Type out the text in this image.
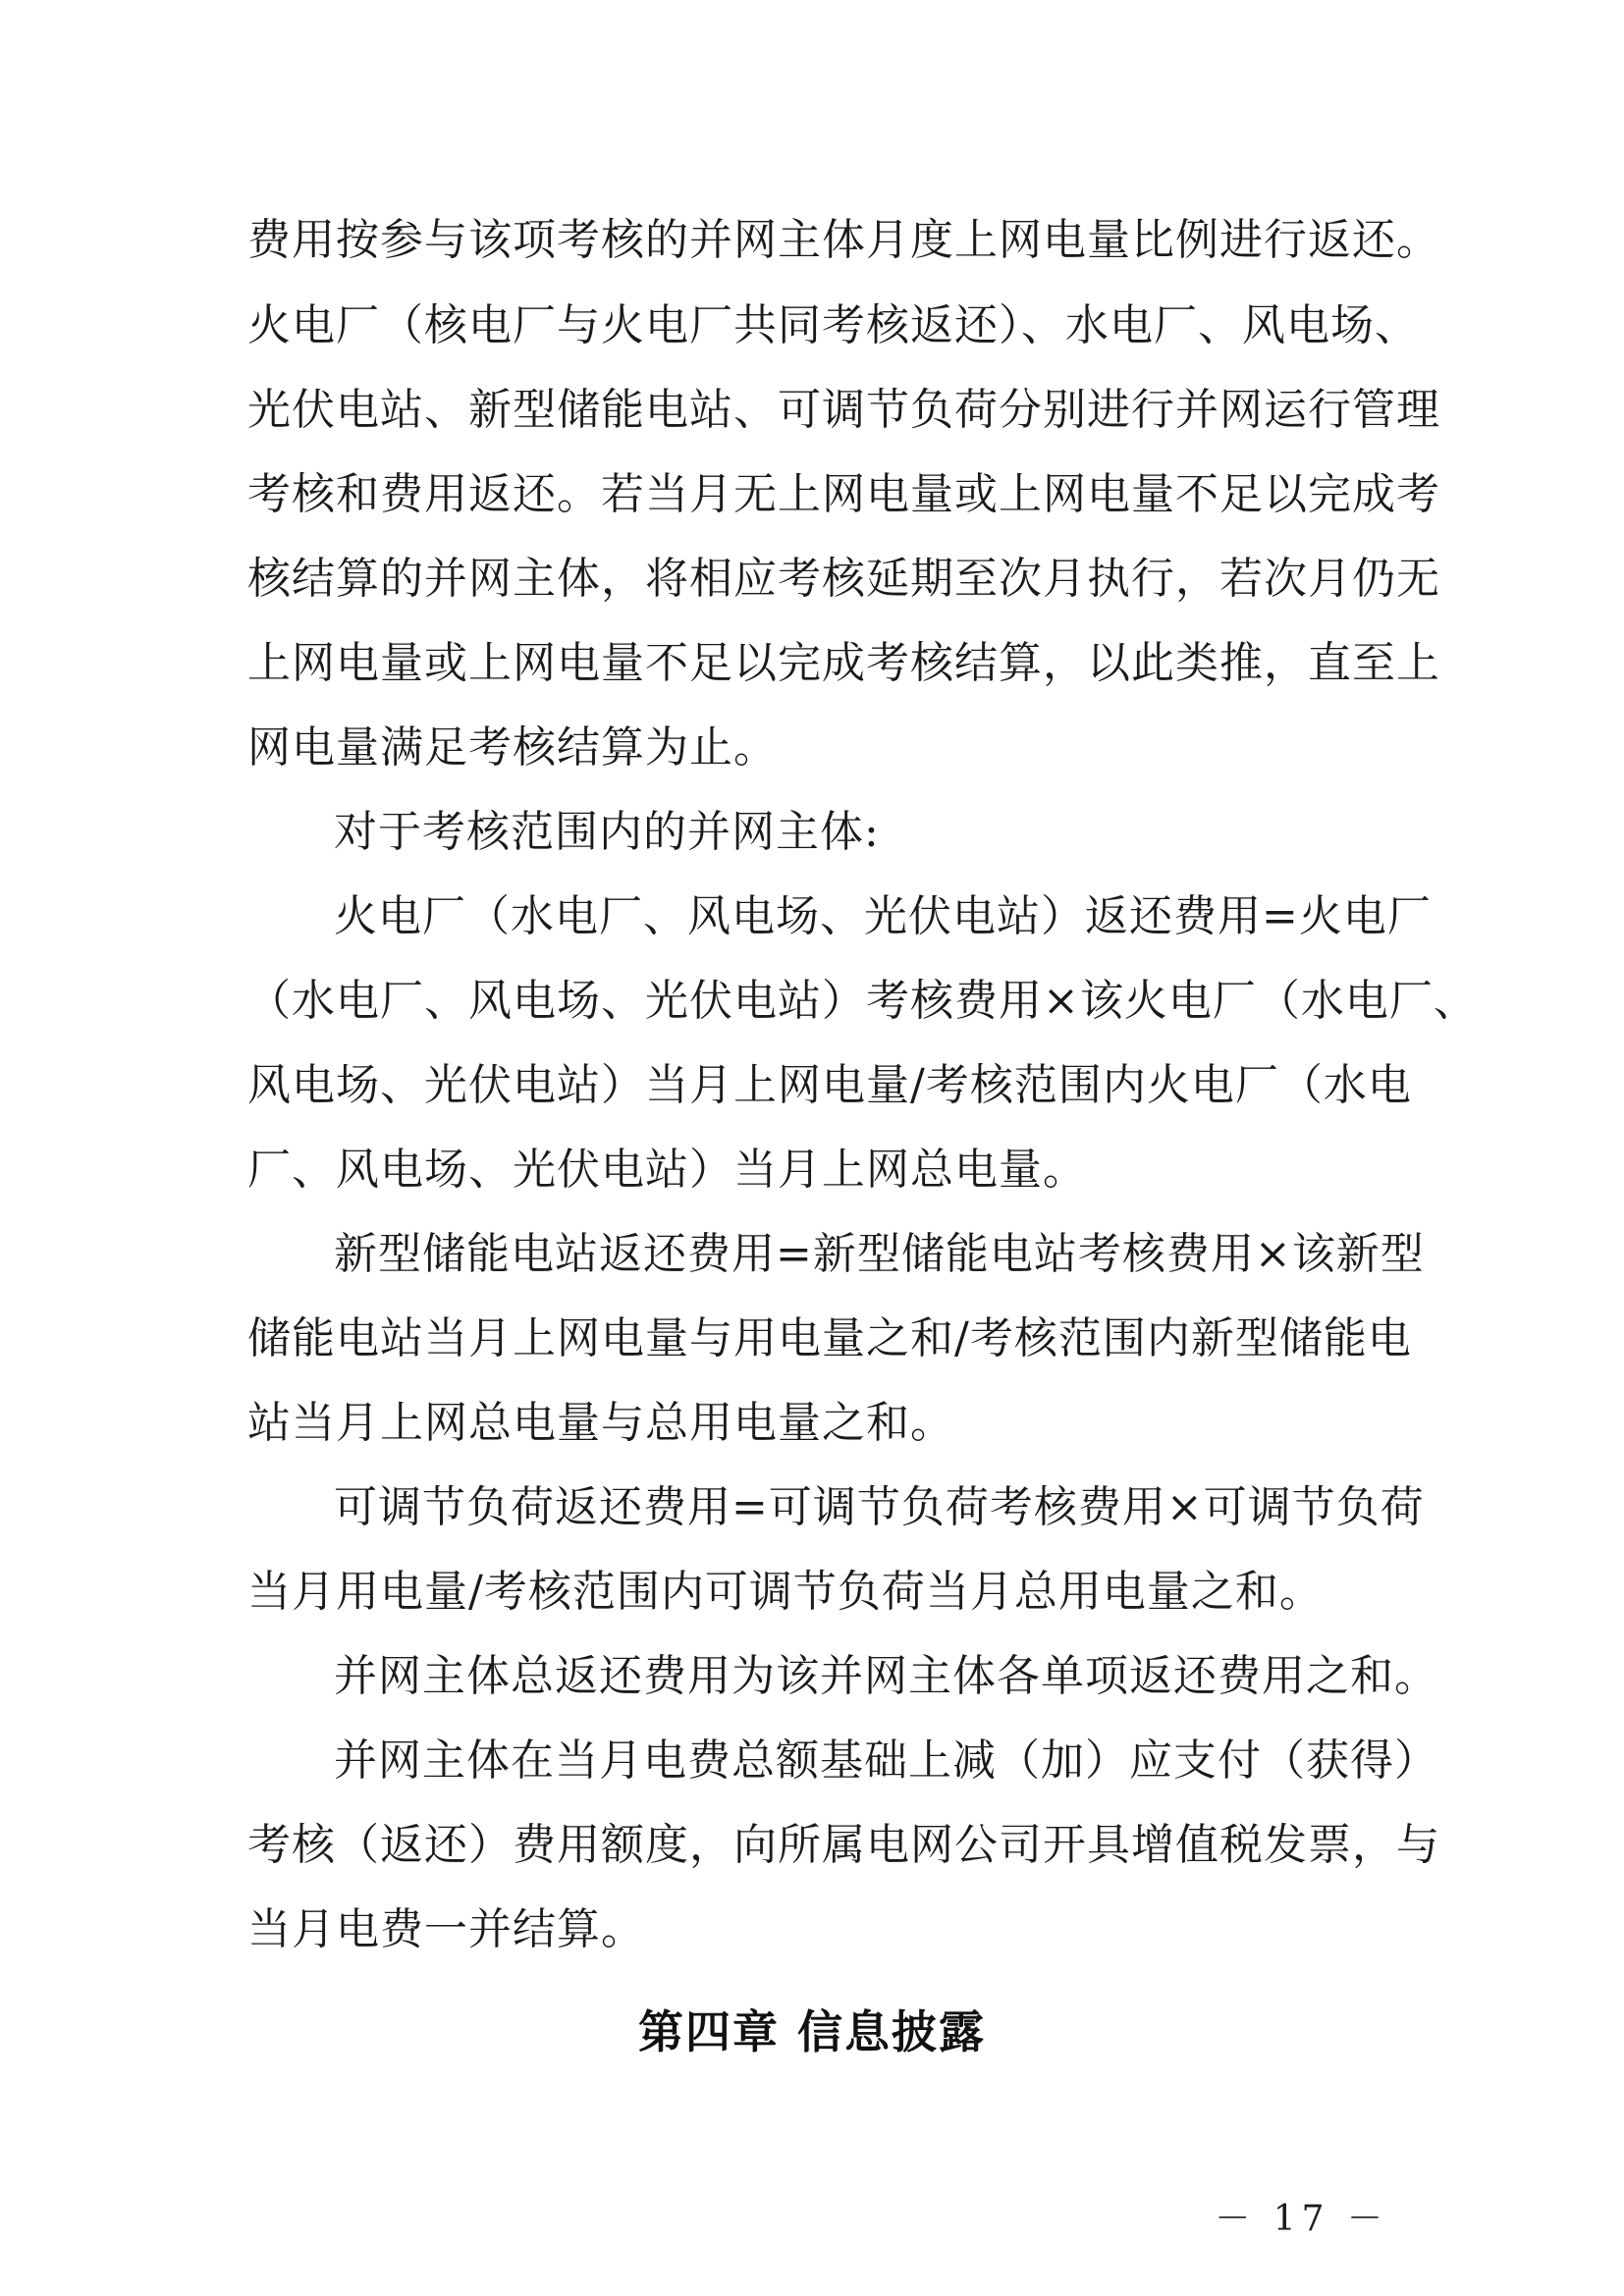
费用按参与该项考核的并网主体月度上网电量比例进行返还。
火电厂（核电厂与火电厂共同考核返还）、水电厂、风电场、
光伏电站、新型储能电站、可调节负荷分别进行并网运行管理
考核和费用返还。若当月无上网电量或上网电量不足以完成考
核结算的并网主体，将相应考核延期至次月执行，若次月仍无
上网电量或上网电量不足以完成考核结算，以此类推，直至上
网电量满足考核结算为止。
对于考核范围内的并网主体:
火电厂（水电厂、风电场、光伏电站）返还费用=火电厂
（水电厂、风电场、光伏电站）考核费用×该火电厂（水电厂、
风电场、光伏电站）当月上网电量/考核范围内火电厂（水电
厂、风电场、光伏电站）当月上网总电量。
新型储能电站返还费用=新型储能电站考核费用×该新型
储能电站当月上网电量与用电量之和/考核范围内新型储能电
站当月上网总电量与总用电量之和。
可调节负荷返还费用=可调节负荷考核费用×可调节负荷
当月用电量/考核范围内可调节负荷当月总用电量之和。
并网主体总返还费用为该并网主体各单项返还费用之和。
并网主体在当月电费总额基础上减（加）应支付（获得）
考核（返还）费用额度，向所属电网公司开具增值税发票，与
当月电费一并结算。
第四章 信息披露
－ 17 －
